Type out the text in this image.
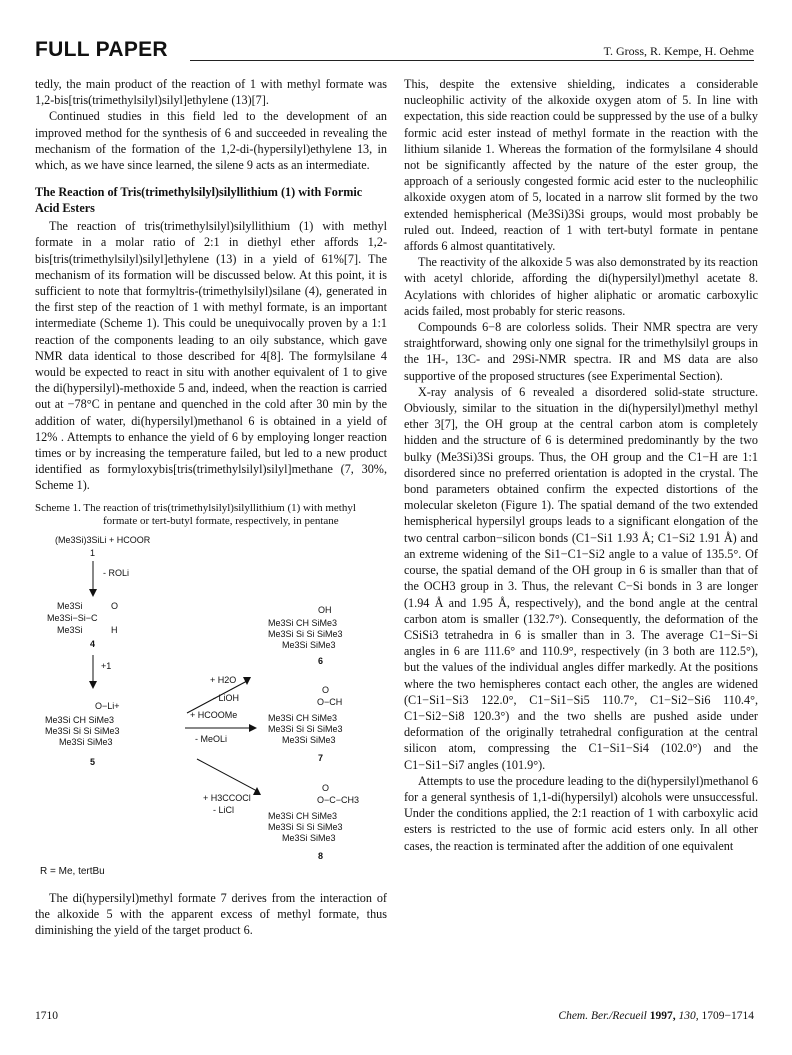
FULL PAPER	T. Gross, R. Kempe, H. Oehme

tedly, the main product of the reaction of 1 with methyl formate was 1,2-bis[tris(trimethylsilyl)silyl]ethylene (13)[7].

Continued studies in this field led to the development of an improved method for the synthesis of 6 and succeeded in revealing the mechanism of the formation of the 1,2-di-(hypersilyl)ethylene 13, in which, as we have since learned, the silene 9 acts as an intermediate.

The Reaction of Tris(trimethylsilyl)silyllithium (1) with Formic Acid Esters

The reaction of tris(trimethylsilyl)silyllithium (1) with methyl formate in a molar ratio of 2:1 in diethyl ether affords 1,2-bis[tris(trimethylsilyl)silyl]ethylene (13) in a yield of 61%[7]. The mechanism of its formation will be discussed below. At this point, it is sufficient to note that formyltris-(trimethylsilyl)silane (4), generated in the first step of the reaction of 1 with methyl formate, is an important intermediate (Scheme 1). This could be unequivocally proven by a 1:1 reaction of the components leading to an oily substance, which gave NMR data identical to those described for 4[8]. The formylsilane 4 would be expected to react in situ with another equivalent of 1 to give the di(hypersilyl)-methoxide 5 and, indeed, when the reaction is carried out at −78°C in pentane and quenched in the cold after 30 min by the addition of water, di(hypersilyl)methanol 6 is obtained in a yield of 12% . Attempts to enhance the yield of 6 by employing longer reaction times or by increasing the temperature failed, but led to a new product identified as formyloxybis[tris(trimethylsilyl)silyl]methane (7, 30%, Scheme 1).

Scheme 1. The reaction of tris(trimethylsilyl)silyllithium (1) with methyl formate or tert-butyl formate, respectively, in pentane
(Me3Si)3SiLi + HCOOR
1
- ROLi
Me3Si	O
Me3Si−Si−C
Me3Si	H
4
+1
O−Li+
Me3Si CH SiMe3
Me3Si Si Si SiMe3
Me3Si SiMe3
5
+ H2O
- LiOH
+ HCOOMe
- MeOLi
+ H3CCOCl
- LiCl
OH
Me3Si CH SiMe3
Me3Si Si Si SiMe3
Me3Si SiMe3
6
O
O−CH
Me3Si CH SiMe3
Me3Si Si Si SiMe3
Me3Si SiMe3
7
O
O−C−CH3
Me3Si CH SiMe3
Me3Si Si Si SiMe3
Me3Si SiMe3
8
R = Me, tertBu

The di(hypersilyl)methyl formate 7 derives from the interaction of the alkoxide 5 with the apparent excess of methyl formate, thus diminishing the yield of the target product 6.

This, despite the extensive shielding, indicates a considerable nucleophilic activity of the alkoxide oxygen atom of 5. In line with expectation, this side reaction could be suppressed by the use of a bulky formic acid ester instead of methyl formate in the reaction with the lithium silanide 1. Whereas the formation of the formylsilane 4 should not be significantly affected by the nature of the ester group, the approach of a seriously congested formic acid ester to the nucleophilic alkoxide oxygen atom of 5, located in a narrow slit formed by the two extended hemispherical (Me3Si)3Si groups, would most probably be ruled out. Indeed, reaction of 1 with tert-butyl formate in pentane affords 6 almost quantitatively.

The reactivity of the alkoxide 5 was also demonstrated by its reaction with acetyl chloride, affording the di(hypersilyl)methyl acetate 8. Acylations with chlorides of higher aliphatic or aromatic carboxylic acids failed, most probably for steric reasons.

Compounds 6−8 are colorless solids. Their NMR spectra are very straightforward, showing only one signal for the trimethylsilyl groups in the 1H-, 13C- and 29Si-NMR spectra. IR and MS data are also supportive of the proposed structures (see Experimental Section).

X-ray analysis of 6 revealed a disordered solid-state structure. Obviously, similar to the situation in the di(hypersilyl)methyl methyl ether 3[7], the OH group at the central carbon atom is completely hidden and the structure of 6 is determined predominantly by the two bulky (Me3Si)3Si groups. Thus, the OH group and the C1−H are 1:1 disordered since no preferred orientation is adopted in the crystal. The bond parameters obtained confirm the expected distortions of the molecular skeleton (Figure 1). The spatial demand of the two extended hemispherical hypersilyl groups leads to a significant elongation of the two central carbon−silicon bonds (C1−Si1 1.93 Å; C1−Si2 1.91 Å) and an extreme widening of the Si1−C1−Si2 angle to a value of 135.5°. Of course, the spatial demand of the OH group in 6 is smaller than that of the OCH3 group in 3. Thus, the relevant C−Si bonds in 3 are longer (1.94 Å and 1.95 Å, respectively), and the bond angle at the central carbon atom is smaller (132.7°). Consequently, the deformation of the CSiSi3 tetrahedra in 6 is smaller than in 3. The average C1−Si−Si angles in 6 are 111.6° and 110.9°, respectively (in 3 both are 112.5°), but the values of the individual angles differ markedly. At the positions where the two hemispheres contact each other, the angles are widened (C1−Si1−Si3 122.0°, C1−Si1−Si5 110.7°, C1−Si2−Si6 110.4°, C1−Si2−Si8 120.3°) and the two shells are pushed aside under deformation of the originally tetrahedral configuration at the central silicon atom, compressing the C1−Si1−Si4 (102.0°) and the C1−Si1−Si7 angles (101.9°).

Attempts to use the procedure leading to the di(hypersilyl)methanol 6 for a general synthesis of 1,1-di(hypersilyl) alcohols were unsuccessful. Under the conditions applied, the 2:1 reaction of 1 with carboxylic acid esters is restricted to the use of formic acid esters only. In all other cases, the reaction is terminated after the addition of one equivalent

1710	Chem. Ber./Recueil 1997, 130, 1709−1714
